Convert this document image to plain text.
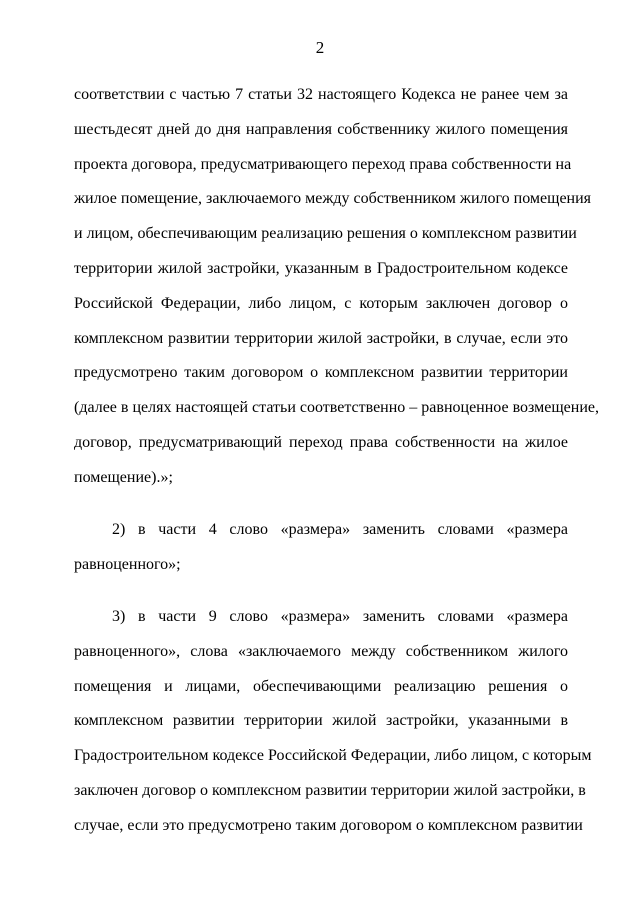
2
соответствии с частью 7 статьи 32 настоящего Кодекса не ранее чем за
шестьдесят дней до дня направления собственнику жилого помещения
проекта договора, предусматривающего переход права собственности на
жилое помещение, заключаемого между собственником жилого помещения
и лицом, обеспечивающим реализацию решения о комплексном развитии
территории жилой застройки, указанным в Градостроительном кодексе
Российской Федерации, либо лицом, с которым заключен договор о
комплексном развитии территории жилой застройки, в случае, если это
предусмотрено таким договором о комплексном развитии территории
(далее в целях настоящей статьи соответственно – равноценное возмещение,
договор, предусматривающий переход права собственности на жилое
помещение).»;
2) в части 4 слово «размера» заменить словами «размера
равноценного»;
3) в части 9 слово «размера» заменить словами «размера
равноценного», слова «заключаемого между собственником жилого
помещения и лицами, обеспечивающими реализацию решения о
комплексном развитии территории жилой застройки, указанными в
Градостроительном кодексе Российской Федерации, либо лицом, с которым
заключен договор о комплексном развитии территории жилой застройки, в
случае, если это предусмотрено таким договором о комплексном развитии
